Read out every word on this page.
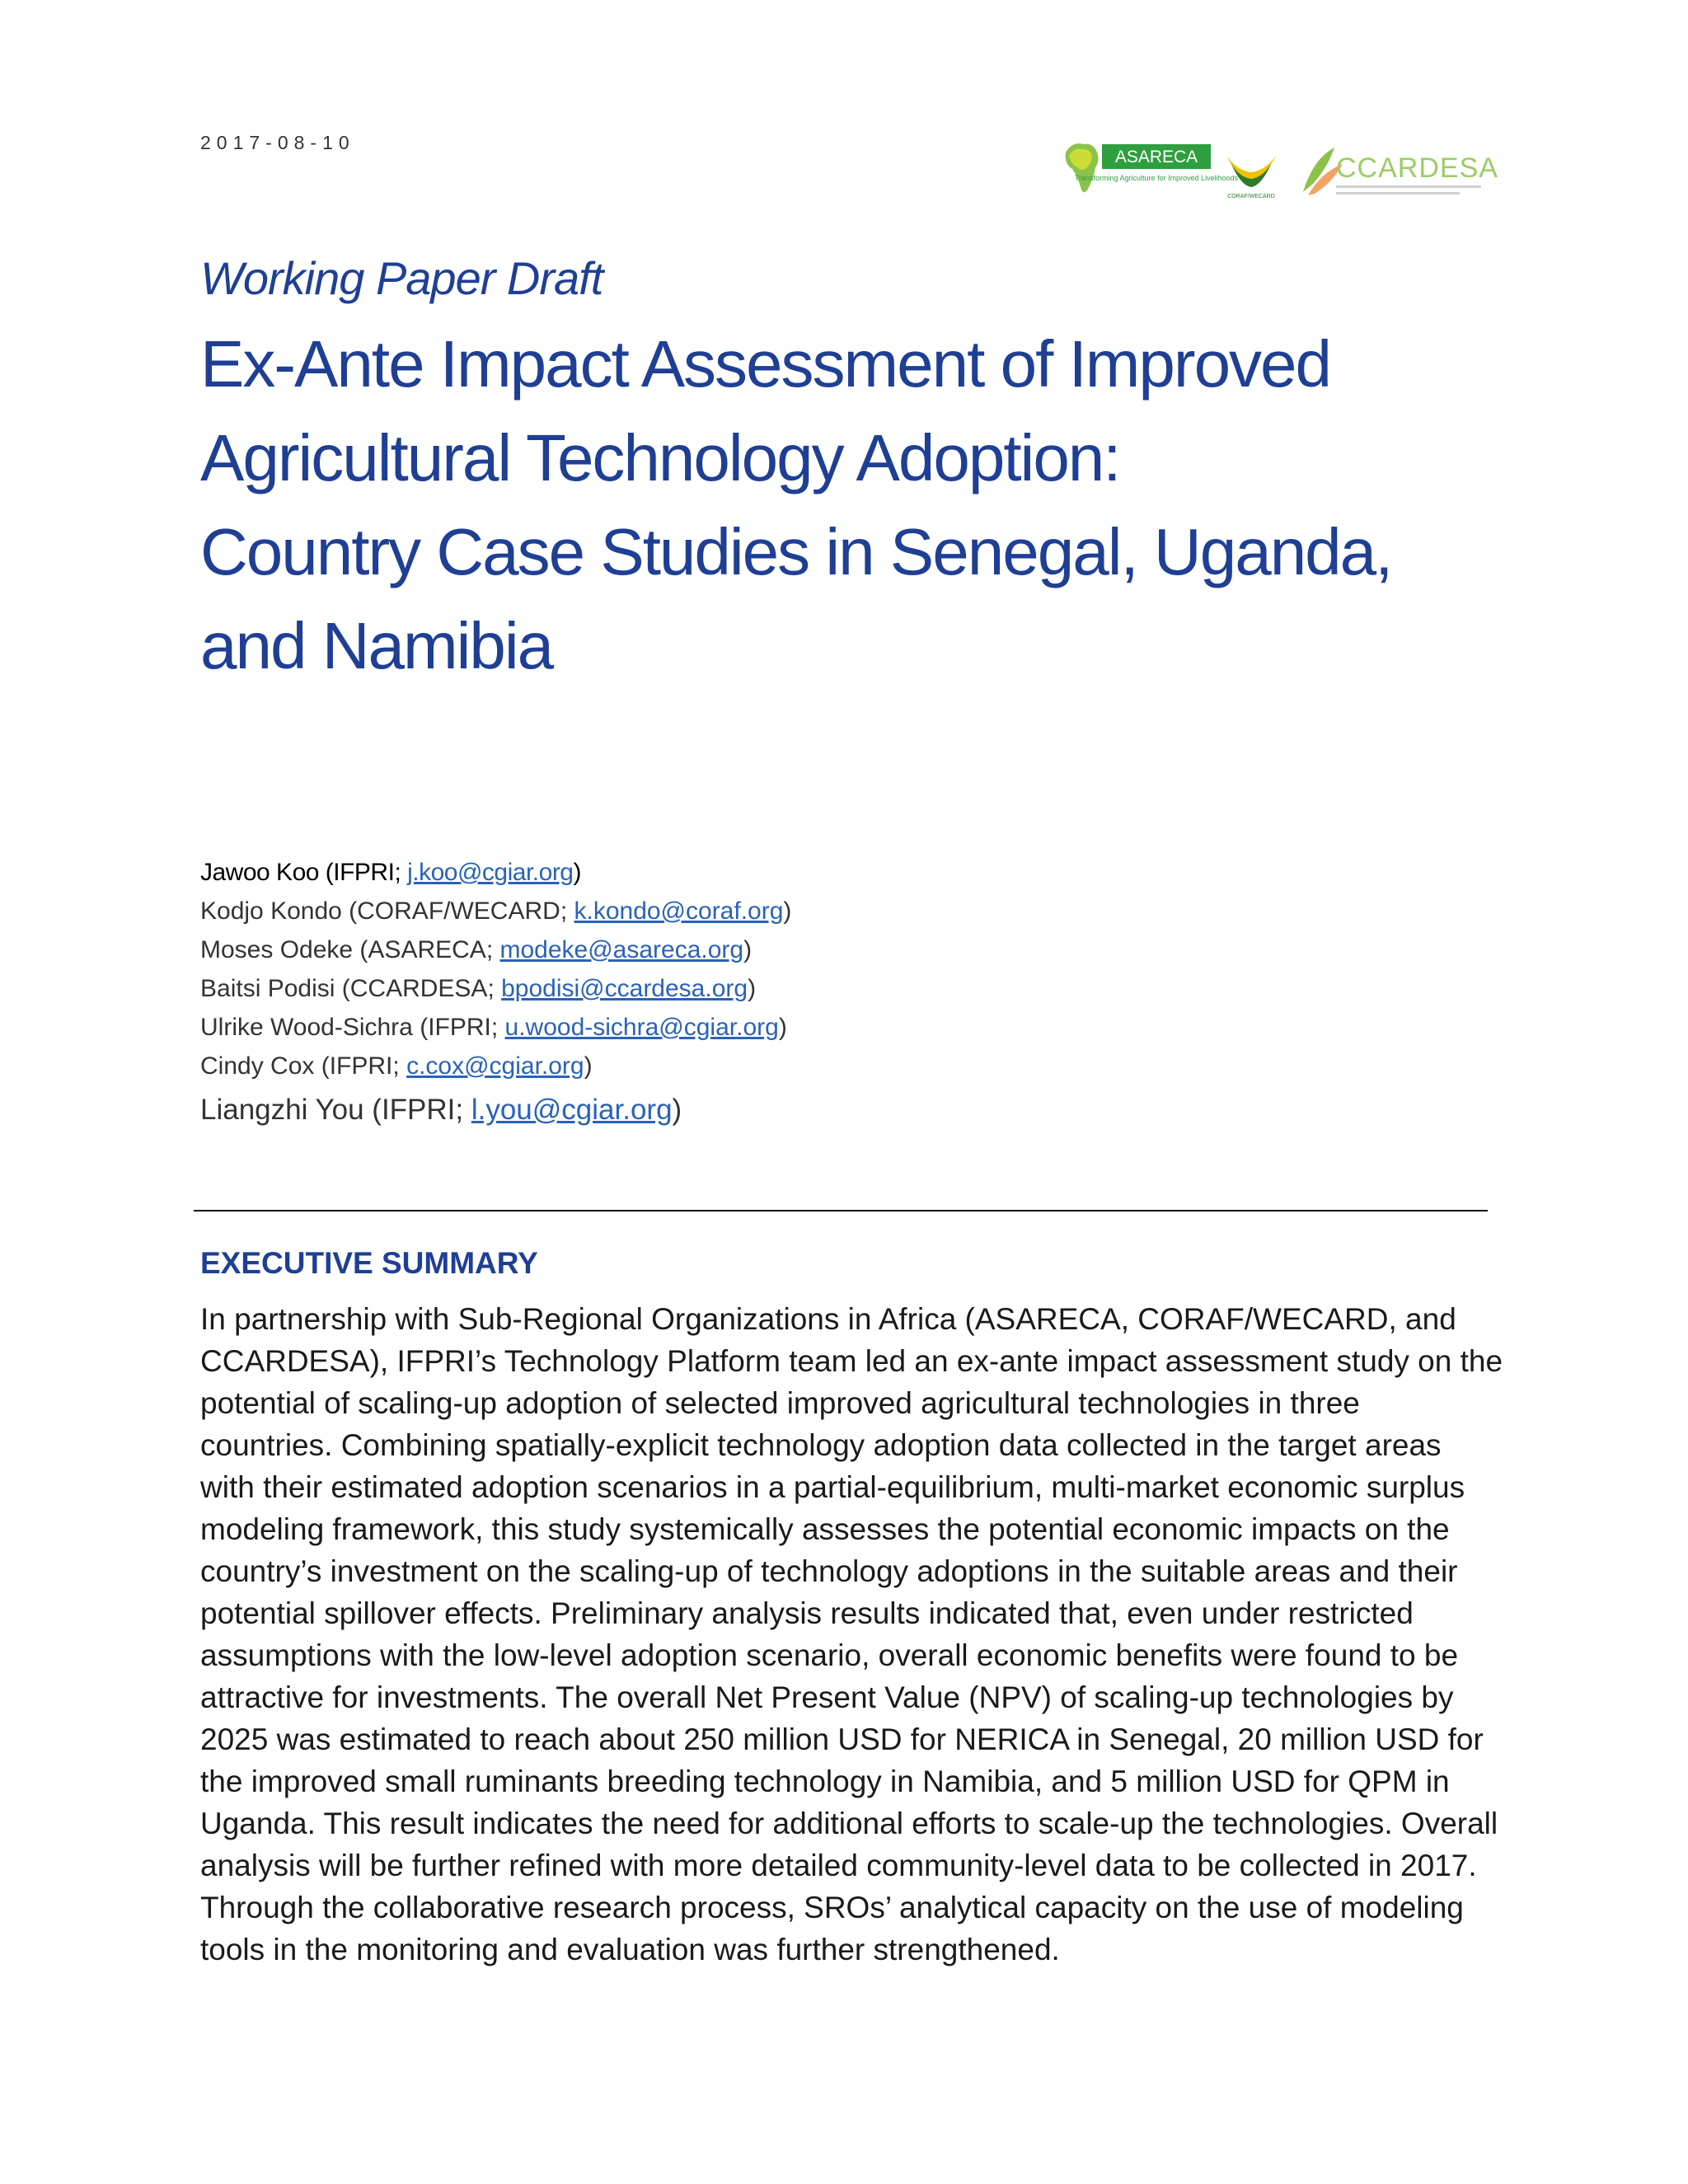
2017-08-10
ASARECA
Transforming Agriculture for Improved Livelihoods
CORAF/WECARD
CCARDESA
Working Paper Draft
Ex-Ante Impact Assessment of Improved
Agricultural Technology Adoption:
Country Case Studies in Senegal, Uganda,
and Namibia
Jawoo Koo (IFPRI; j.koo@cgiar.org)
Kodjo Kondo (CORAF/WECARD; k.kondo@coraf.org)
Moses Odeke (ASARECA; modeke@asareca.org)
Baitsi Podisi (CCARDESA; bpodisi@ccardesa.org)
Ulrike Wood-Sichra (IFPRI; u.wood-sichra@cgiar.org)
Cindy Cox (IFPRI; c.cox@cgiar.org)
Liangzhi You (IFPRI; l.you@cgiar.org)
EXECUTIVE SUMMARY

In partnership with Sub-Regional Organizations in Africa (ASARECA, CORAF/WECARD, and
CCARDESA), IFPRI’s Technology Platform team led an ex-ante impact assessment study on the
potential of scaling-up adoption of selected improved agricultural technologies in three
countries. Combining spatially-explicit technology adoption data collected in the target areas
with their estimated adoption scenarios in a partial-equilibrium, multi-market economic surplus
modeling framework, this study systemically assesses the potential economic impacts on the
country’s investment on the scaling-up of technology adoptions in the suitable areas and their
potential spillover effects. Preliminary analysis results indicated that, even under restricted
assumptions with the low-level adoption scenario, overall economic benefits were found to be
attractive for investments. The overall Net Present Value (NPV) of scaling-up technologies by
2025 was estimated to reach about 250 million USD for NERICA in Senegal, 20 million USD for
the improved small ruminants breeding technology in Namibia, and 5 million USD for QPM in
Uganda. This result indicates the need for additional efforts to scale-up the technologies. Overall
analysis will be further refined with more detailed community-level data to be collected in 2017.
Through the collaborative research process, SROs’ analytical capacity on the use of modeling
tools in the monitoring and evaluation was further strengthened.
